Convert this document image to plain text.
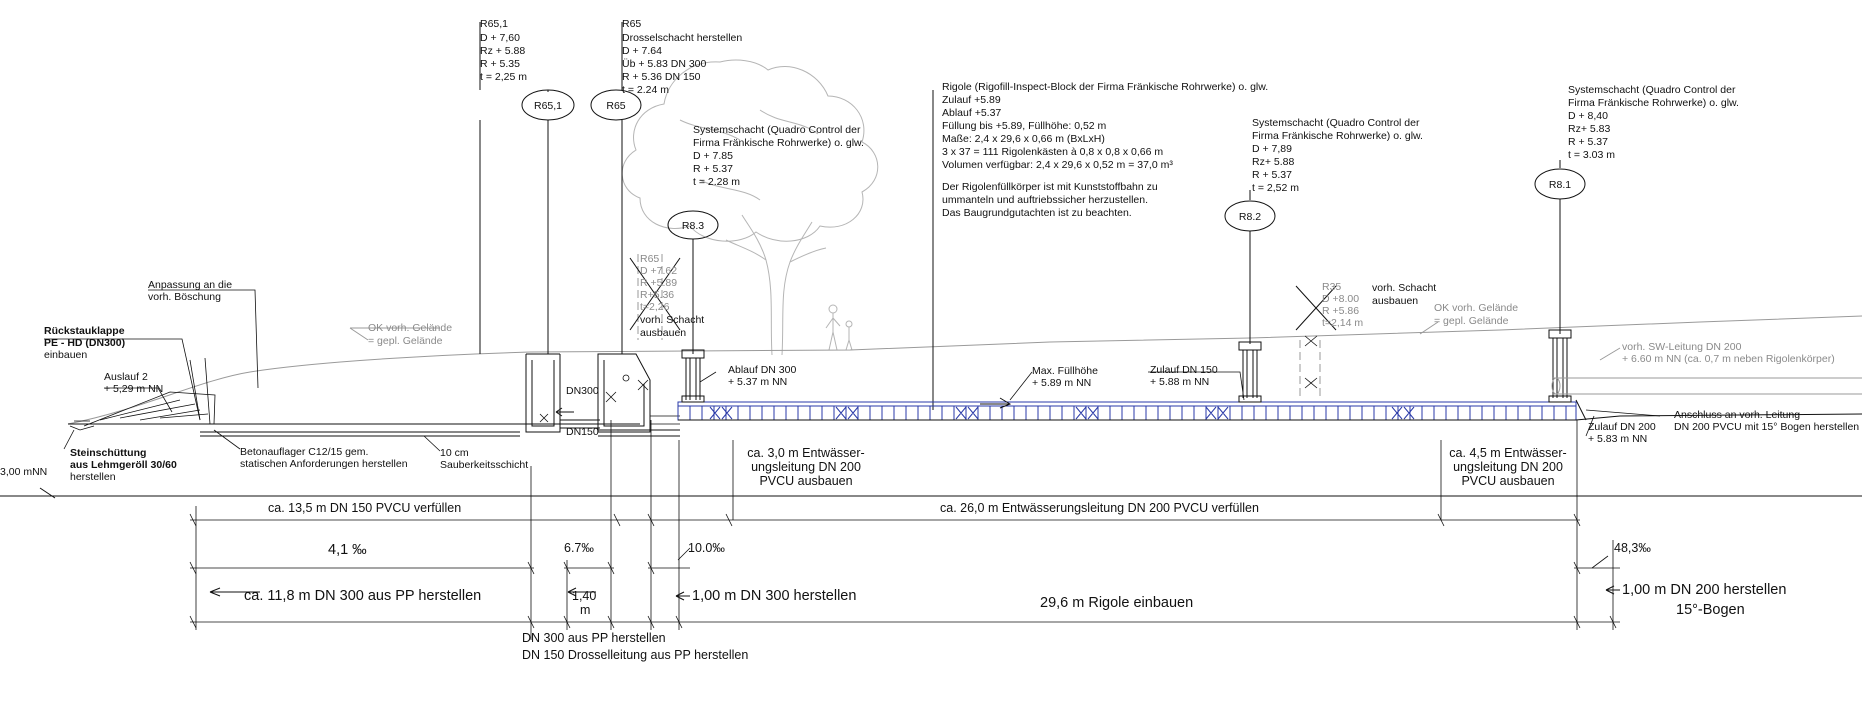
R65,1
D + 7,60
Rz + 5.88
R + 5.35
t = 2,25 m
R65,1
R65
Drosselschacht herstellen
D + 7.64
Üb + 5.83 DN 300
R + 5.36 DN 150
t = 2.24 m
R65
Systemschacht (Quadro Control der
Firma Fränkische Rohrwerke) o. glw.
D + 7.85
R + 5.37
t = 2.28 m
R8.3
Rigole (Rigofill-Inspect-Block der Firma Fränkische Rohrwerke) o. glw.
Zulauf +5.89
Ablauf +5.37
Füllung bis +5.89, Füllhöhe: 0,52 m
Maße: 2,4 x 29,6 x 0,66 m (BxLxH)
3 x 37 = 111 Rigolenkästen à 0,8 x 0,8 x 0,66 m
Volumen verfügbar: 2,4 x 29,6 x 0,52 m = 37,0 m³
Der Rigolenfüllkörper ist mit Kunststoffbahn zu
ummanteln und auftriebssicher herzustellen.
Das Baugrundgutachten ist zu beachten.
Systemschacht (Quadro Control der
Firma Fränkische Rohrwerke) o. glw.
D + 7,89
Rz+ 5.88
R + 5.37
t = 2,52 m
R8.2
Systemschacht (Quadro Control der
Firma Fränkische Rohrwerke) o. glw.
D + 8,40
Rz+ 5.83
R + 5.37
t = 3.03 m
R8.1
R65
D +7.62
R +5.89
R+5.36
t=2,26
vorh. Schacht
ausbauen
R35
D +8.00
R +5.86
t=2,14 m
vorh. Schacht
ausbauen
OK vorh. Gelände
= gepl. Gelände
OK vorh. Gelände
= gepl. Gelände
vorh. SW-Leitung DN 200
+ 6.60 m NN (ca. 0,7 m neben Rigolenkörper)
Anpassung an die
vorh. Böschung
Rückstauklappe
PE - HD (DN300)
einbauen
Auslauf 2
+ 5,29 m NN
Steinschüttung
aus Lehmgeröll 30/60
herstellen
Betonauflager C12/15 gem.
statischen Anforderungen herstellen
10 cm
Sauberkeitsschicht
3,00 mNN
DN300
DN150
Ablauf DN 300
+ 5.37 m NN
Max. Füllhöhe
+ 5.89 m NN
Zulauf DN 150
+ 5.88 m NN
Anschluss an vorh. Leitung
DN 200 PVCU mit 15° Bogen herstellen
Zulauf DN 200
+ 5.83 m NN
ca. 3,0 m Entwässer-
ungsleitung DN 200
PVCU ausbauen
ca. 4,5 m Entwässer-
ungsleitung DN 200
PVCU ausbauen
ca. 13,5 m DN 150 PVCU verfüllen	ca. 26,0 m Entwässerungsleitung DN 200 PVCU verfüllen
4,1 ‰	6.7‰	10.0‰	48,3‰
ca. 11,8 m DN 300 aus PP herstellen	1,40
m
1,00 m DN 300 herstellen	29,6 m Rigole einbauen
1,00 m DN 200 herstellen
15°-Bogen
DN 300 aus PP herstellen
DN 150 Drosselleitung aus PP herstellen
